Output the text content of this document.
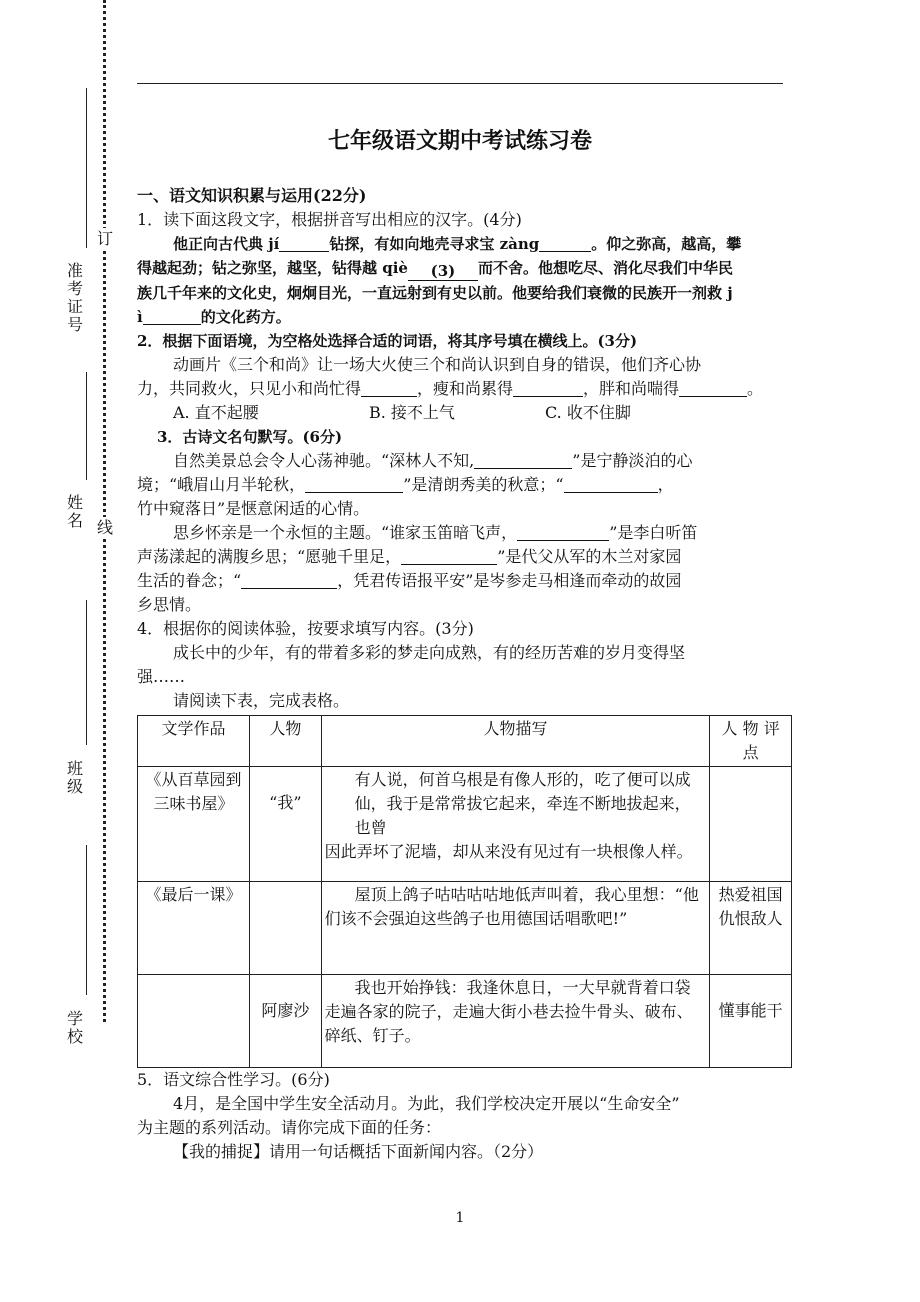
订
线
准考证号
姓 名
班 级
学 校
七年级语文期中考试练习卷

一、语文知识积累与运用(22分)

1．读下面这段文字，根据拼音写出相应的汉字。(4分)

他正向古代典 jí	钻探，有如向地壳寻求宝 zàng	。仰之弥高，越高，攀

得越起劲；钻之弥坚，越坚，钻得越 qiè (3) 而不舍。他想吃尽、消化尽我们中华民

族几千年来的文化史，炯炯目光，一直远射到有史以前。他要给我们衰微的民族开一剂救 j

ì	的文化药方。

2．根据下面语境，为空格处选择合适的词语，将其序号填在横线上。(3分)

动画片《三个和尚》让一场大火使三个和尚认识到自身的错误，他们齐心协

力，共同救火，只见小和尚忙得	，瘦和尚累得	，胖和尚喘得	。

A. 直不起腰	B. 接不上气	C. 收不住脚

3．古诗文名句默写。(6分)

自然美景总会令人心荡神驰。“深林人不知,	”是宁静淡泊的心

境；“峨眉山月半轮秋，	”是清朗秀美的秋意；“	，

竹中窥落日”是惬意闲适的心情。

思乡怀亲是一个永恒的主题。“谁家玉笛暗飞声，	”是李白听笛

声荡漾起的满腹乡思；“愿驰千里足，	”是代父从军的木兰对家园

生活的眷念；“	，凭君传语报平安”是岑参走马相逢而牵动的故园

乡思情。

4．根据你的阅读体验，按要求填写内容。(3分)

成长中的少年，有的带着多彩的梦走向成熟，有的经历苦难的岁月变得坚

强……

请阅读下表，完成表格。

文学作品	人物	人物描写	人 物 评 点
《从百草园到三味书屋》	“我”	有人说，何首乌根是有像人形的，吃了便可以成仙，我于是常常拔它起来，牵连不断地拔起来，也曾
因此弄坏了泥墙，却从来没有见过有一块根像人样。	

《最后一课》		屋顶上鸽子咕咕咕咕地低声叫着，我心里想：“他
们该不会强迫这些鸽子也用德国话唱歌吧!”	热爱祖国仇恨敌人
	阿廖沙	我也开始挣钱：我逢休息日，一大早就背着口袋
走遍各家的院子，走遍大街小巷去捡牛骨头、破布、碎纸、钉子。	懂事能干

5．语文综合性学习。(6分)

4月，是全国中学生安全活动月。为此，我们学校决定开展以“生命安全”

为主题的系列活动。请你完成下面的任务：

【我的捕捉】请用一句话概括下面新闻内容。（2分）

1
